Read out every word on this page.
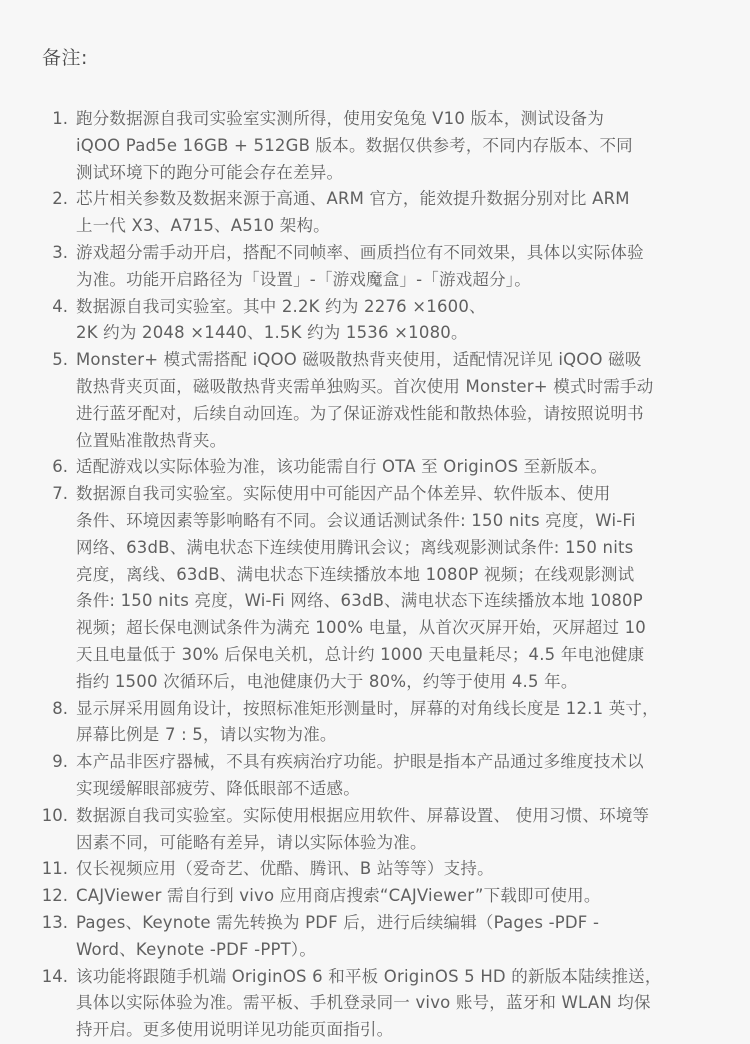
备注:
1. 跑分数据源自我司实验室实测所得，使用安兔兔 V10 版本，测试设备为
iQOO Pad5e 16GB + 512GB 版本。数据仅供参考，不同内存版本、不同
测试环境下的跑分可能会存在差异。
2. 芯片相关参数及数据来源于高通、ARM 官方，能效提升数据分别对比 ARM
上一代 X3、A715、A510 架构。
3. 游戏超分需手动开启，搭配不同帧率、画质挡位有不同效果，具体以实际体验
为准。功能开启路径为「设置」-「游戏魔盒」-「游戏超分」。
4. 数据源自我司实验室。其中 2.2K 约为 2276 ×1600、
2K 约为 2048 ×1440、1.5K 约为 1536 ×1080。
5. Monster+ 模式需搭配 iQOO 磁吸散热背夹使用，适配情况详见 iQOO 磁吸
散热背夹页面，磁吸散热背夹需单独购买。首次使用 Monster+ 模式时需手动
进行蓝牙配对，后续自动回连。为了保证游戏性能和散热体验，请按照说明书
位置贴准散热背夹。
6. 适配游戏以实际体验为准，该功能需自行 OTA 至 OriginOS 至新版本。
7. 数据源自我司实验室。实际使用中可能因产品个体差异、软件版本、使用
条件、环境因素等影响略有不同。会议通话测试条件: 150 nits 亮度，Wi-Fi
网络、63dB、满电状态下连续使用腾讯会议；离线观影测试条件: 150 nits
亮度，离线、63dB、满电状态下连续播放本地 1080P 视频；在线观影测试
条件: 150 nits 亮度，Wi-Fi 网络、63dB、满电状态下连续播放本地 1080P
视频；超长保电测试条件为满充 100% 电量，从首次灭屏开始，灭屏超过 10
天且电量低于 30% 后保电关机，总计约 1000 天电量耗尽；4.5 年电池健康
指约 1500 次循环后，电池健康仍大于 80%，约等于使用 4.5 年。
8. 显示屏采用圆角设计，按照标准矩形测量时，屏幕的对角线长度是 12.1 英寸，
屏幕比例是 7 : 5，请以实物为准。
9. 本产品非医疗器械，不具有疾病治疗功能。护眼是指本产品通过多维度技术以
实现缓解眼部疲劳、降低眼部不适感。
10. 数据源自我司实验室。实际使用根据应用软件、屏幕设置、 使用习惯、环境等
因素不同，可能略有差异，请以实际体验为准。
11. 仅长视频应用（爱奇艺、优酷、腾讯、B 站等等）支持。
12. CAJViewer 需自行到 vivo 应用商店搜索“CAJViewer”下载即可使用。
13. Pages、Keynote 需先转换为 PDF 后，进行后续编辑（Pages -PDF -
Word、Keynote -PDF -PPT）。
14. 该功能将跟随手机端 OriginOS 6 和平板 OriginOS 5 HD 的新版本陆续推送，
具体以实际体验为准。需平板、手机登录同一 vivo 账号，蓝牙和 WLAN 均保
持开启。更多使用说明详见功能页面指引。
